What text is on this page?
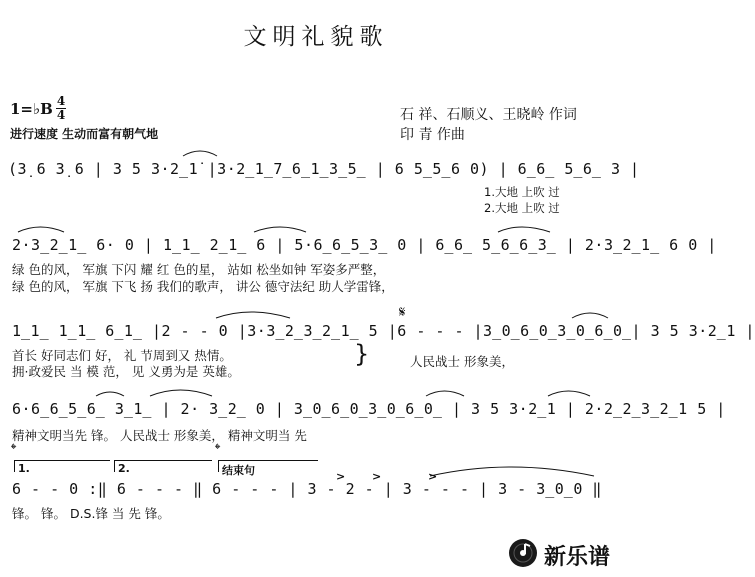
文明礼貌歌
1=♭B 4
4
进行速度 生动而富有朝气地
石 祥、石顺义、王晓岭 作词
印 青 作曲
(3̣ 6 3̣ 6 | 3 5 3·2̲1̇ |3·2̲1̲7̲6̲1̲3̲5̲ | 6 5̲5̲6 0) | 6̲6̲ 5̲6̲ 3 |
1.大地 上吹 过
2.大地 上吹 过
2·3̲2̲1̲ 6· 0 | 1̲1̲ 2̲1̲ 6 | 5·6̲6̲5̲3̲ 0 | 6̲6̲ 5̲6̲6̲3̲ | 2·3̲2̲1̲ 6 0 |
绿 色的风， 军旗 下闪 耀 红 色的星， 站如 松坐如钟 军姿多严整，
绿 色的风， 军旗 下飞 扬 我们的歌声， 讲公 德守法纪 助人学雷锋，
𝄋
1̲1̲ 1̲1̲ 6̲1̲ |2 - - 0 |3·3̲2̲3̲2̲1̲ 5 |6 - - - |3̲0̲6̲0̲3̲0̲6̲0̲| 3 5 3·2̲1 |
首长 好同志们 好， 礼 节周到又 热情。
拥·政爱民 当 模 范， 见 义勇为是 英雄。
}	人民战士 形象美，
6·6̲6̲5̲6̲ 3̲1̲ | 2· 3̲2̲ 0 | 3̲0̲6̲0̲3̲0̲6̲0̲ | 3 5 3·2̲1 | 2·2̲2̲3̲2̲1 5 |
精神文明当先 锋。 人民战士 形象美， 精神文明当 先
𝄌	𝄌
1.	2.	结束句	> >	>
6 - - 0 :‖ 6 - - - ‖ 6 - - - | 3 - 2 - | 3 - - - | 3 - 3̲0̲0 ‖
锋。 锋。 D.S.锋 当 先 锋。
新乐谱
